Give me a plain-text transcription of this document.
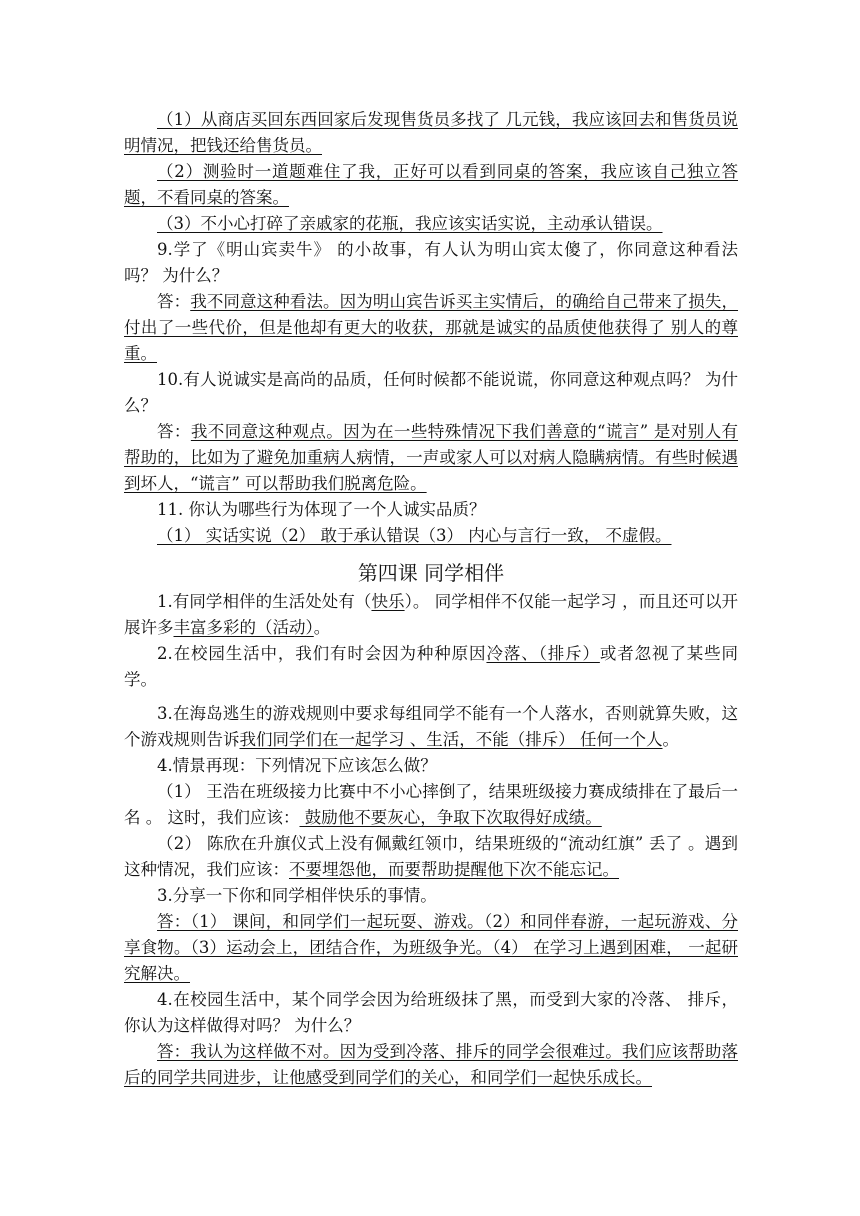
（1）从商店买回东西回家后发现售货员多找了 几元钱，我应该回去和售货员说明情况，把钱还给售货员。

（2）测验时一道题难住了我，正好可以看到同桌的答案，我应该自己独立答题，不看同桌的答案。

（3）不小心打碎了亲戚家的花瓶，我应该实话实说，主动承认错误。

9.学了《明山宾卖牛》 的小故事，有人认为明山宾太傻了，你同意这种看法吗？ 为什么？

答：我不同意这种看法。因为明山宾告诉买主实情后，的确给自己带来了损失，付出了一些代价，但是他却有更大的收获，那就是诚实的品质使他获得了 别人的尊重。

10.有人说诚实是高尚的品质，任何时候都不能说谎，你同意这种观点吗？ 为什么？

答：我不同意这种观点。因为在一些特殊情况下我们善意的“谎言” 是对别人有帮助的，比如为了避免加重病人病情，一声或家人可以对病人隐瞒病情。有些时候遇到坏人，“谎言” 可以帮助我们脱离危险。

11. 你认为哪些行为体现了一个人诚实品质？

（1） 实话实说（2） 敢于承认错误（3） 内心与言行一致， 不虚假。

第四课 同学相伴

1.有同学相伴的生活处处有（快乐）。 同学相伴不仅能一起学习 ，而且还可以开展许多丰富多彩的（活动）。

2.在校园生活中，我们有时会因为种种原因冷落、（排斥）或者忽视了某些同学。

3.在海岛逃生的游戏规则中要求每组同学不能有一个人落水，否则就算失败，这个游戏规则告诉我们同学们在一起学习 、生活，不能（排斥） 任何一个人。

4.情景再现：下列情况下应该怎么做？

（1） 王浩在班级接力比赛中不小心摔倒了，结果班级接力赛成绩排在了最后一名 。 这时，我们应该： 鼓励他不要灰心，争取下次取得好成绩。

（2） 陈欣在升旗仪式上没有佩戴红领巾，结果班级的“流动红旗” 丢了 。遇到这种情况，我们应该：不要埋怨他，而要帮助提醒他下次不能忘记。

3.分享一下你和同学相伴快乐的事情。

答：（1） 课间，和同学们一起玩耍、游戏。（2）和同伴春游，一起玩游戏、分享食物。（3）运动会上，团结合作，为班级争光。（4） 在学习上遇到困难， 一起研究解决。

4.在校园生活中，某个同学会因为给班级抹了黑，而受到大家的冷落、 排斥，你认为这样做得对吗？ 为什么？

答：我认为这样做不对。因为受到冷落、排斥的同学会很难过。我们应该帮助落后的同学共同进步，让他感受到同学们的关心，和同学们一起快乐成长。
